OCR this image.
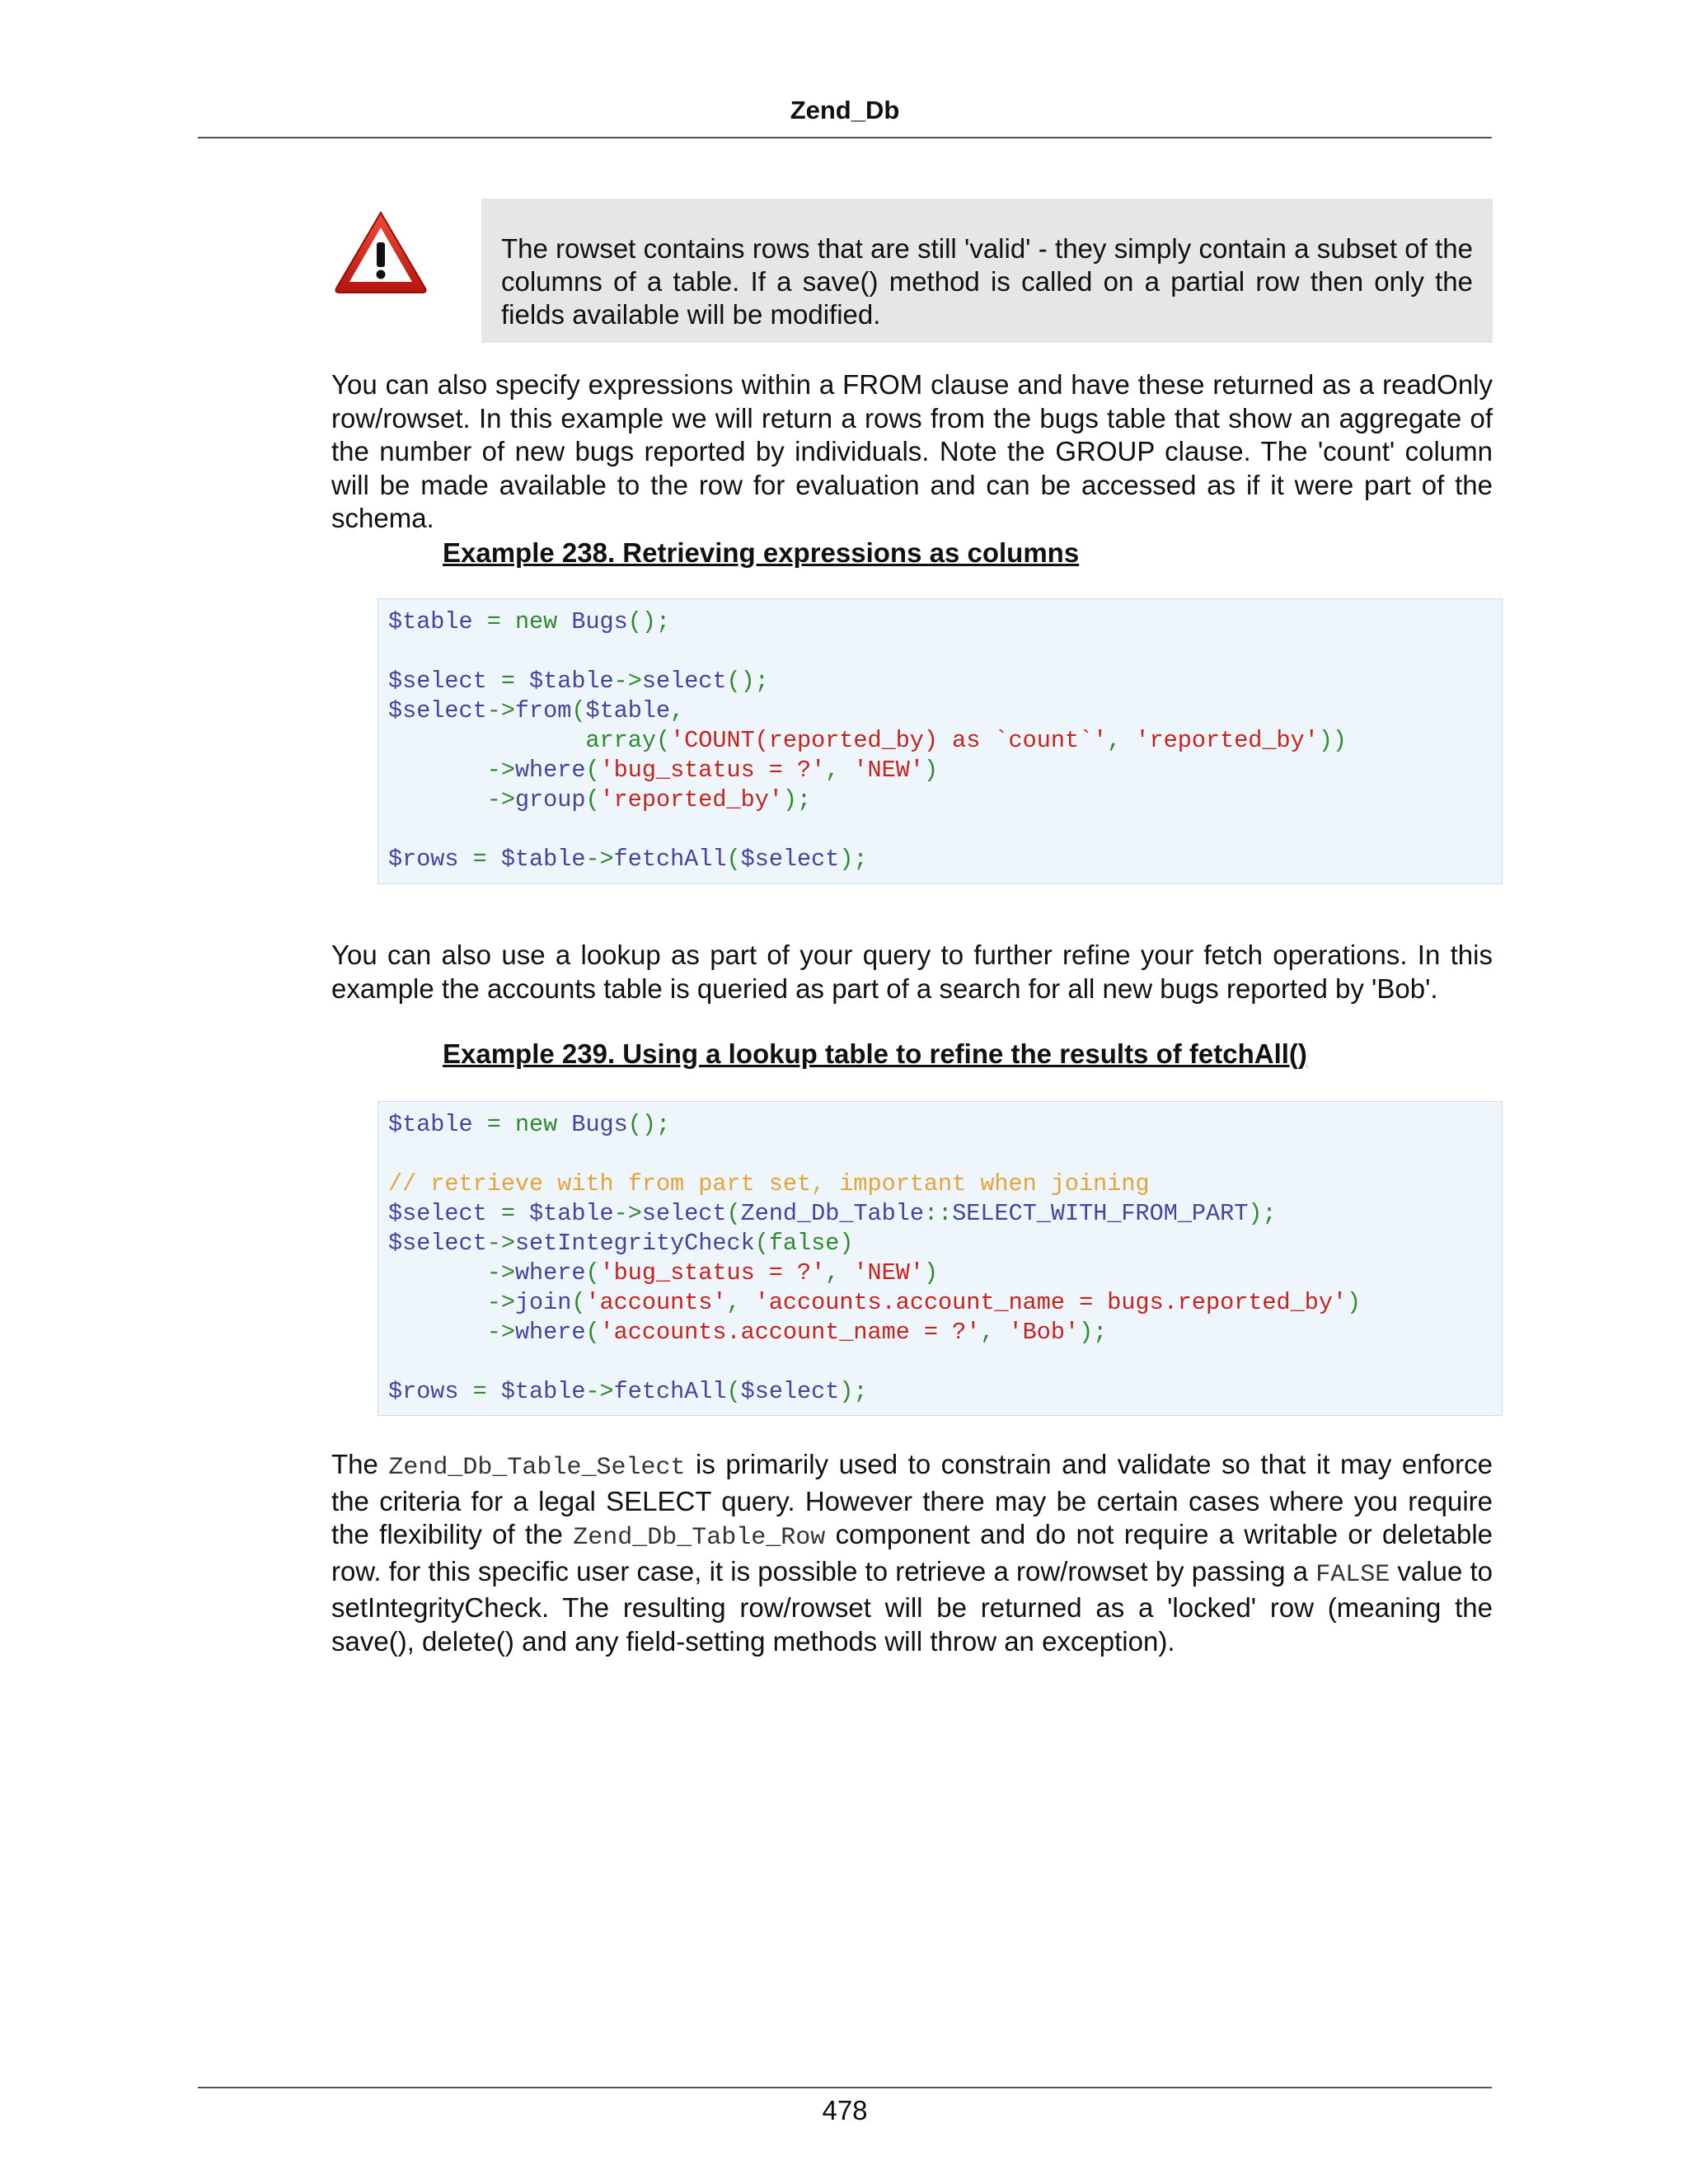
Zend_Db
The rowset contains rows that are still 'valid' - they simply contain a subset of the columns of a table. If a save() method is called on a partial row then only the fields available will be modified.

You can also specify expressions within a FROM clause and have these returned as a readOnly row/rowset. In this example we will return a rows from the bugs table that show an aggregate of the number of new bugs reported by individuals. Note the GROUP clause. The 'count' column will be made available to the row for evaluation and can be accessed as if it were part of the schema.

Example 238. Retrieving expressions as columns
$table = new Bugs();

$select = $table->select();
$select->from($table,
array('COUNT(reported_by) as `count`', 'reported_by'))
->where('bug_status = ?', 'NEW')
->group('reported_by');

$rows = $table->fetchAll($select);

You can also use a lookup as part of your query to further refine your fetch operations. In this example the accounts table is queried as part of a search for all new bugs reported by 'Bob'.

Example 239. Using a lookup table to refine the results of fetchAll()
$table = new Bugs();

// retrieve with from part set, important when joining
$select = $table->select(Zend_Db_Table::SELECT_WITH_FROM_PART);
$select->setIntegrityCheck(false)
->where('bug_status = ?', 'NEW')
->join('accounts', 'accounts.account_name = bugs.reported_by')
->where('accounts.account_name = ?', 'Bob');

$rows = $table->fetchAll($select);

The Zend_Db_Table_Select is primarily used to constrain and validate so that it may enforce the criteria for a legal SELECT query. However there may be certain cases where you require the flexibility of the Zend_Db_Table_Row component and do not require a writable or deletable row. for this specific user case, it is possible to retrieve a row/rowset by passing a FALSE value to setIntegrityCheck. The resulting row/rowset will be returned as a 'locked' row (meaning the save(), delete() and any field-setting methods will throw an exception).

478
